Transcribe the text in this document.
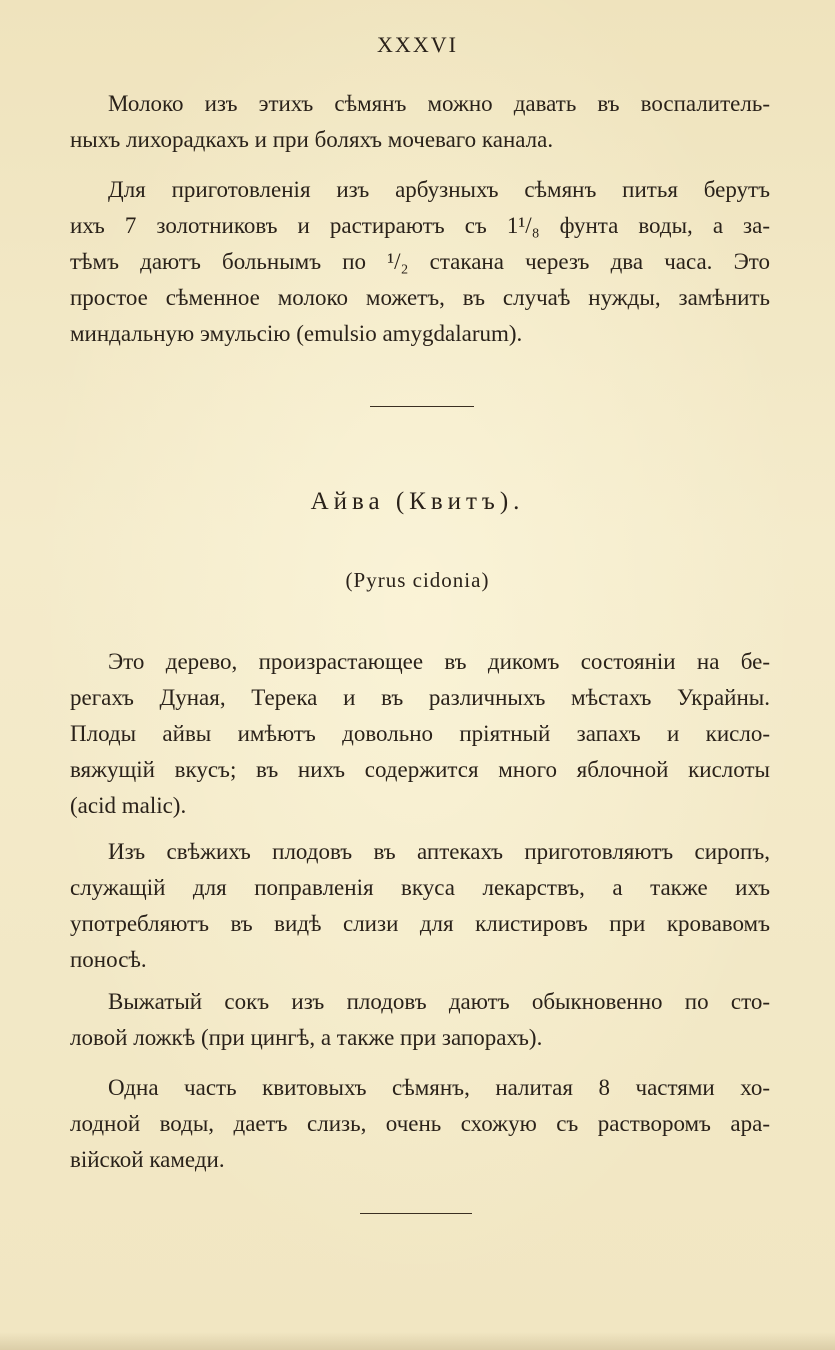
XXXVI
Молоко изъ этихъ сѣмянъ можно давать въ воспалитель-
ныхъ лихорадкахъ и при боляхъ мочеваго канала.
Для приготовленія изъ арбузныхъ сѣмянъ питья берутъ
ихъ 7 золотниковъ и растираютъ съ 1¹/₈ фунта воды, а за-
тѣмъ даютъ больнымъ по ¹/₂ стакана черезъ два часа. Это
простое сѣменное молоко можетъ, въ случаѣ нужды, замѣнить
миндальную эмульсію (emulsio amygdalarum).
Айва (Квитъ).
(Pyrus cidonia)
Это дерево, произрастающее въ дикомъ состояніи на бе-
регахъ Дуная, Терека и въ различныхъ мѣстахъ Украйны.
Плоды айвы имѣютъ довольно пріятный запахъ и кисло-
вяжущій вкусъ; въ нихъ содержится много яблочной кислоты
(acid malic).
Изъ свѣжихъ плодовъ въ аптекахъ приготовляютъ сиропъ,
служащій для поправленія вкуса лекарствъ, а также ихъ
употребляютъ въ видѣ слизи для клистировъ при кровавомъ
поносѣ.
Выжатый сокъ изъ плодовъ даютъ обыкновенно по сто-
ловой ложкѣ (при цингѣ, а также при запорахъ).
Одна часть квитовыхъ сѣмянъ, налитая 8 частями хо-
лодной воды, даетъ слизь, очень схожую съ растворомъ ара-
війской камеди.
